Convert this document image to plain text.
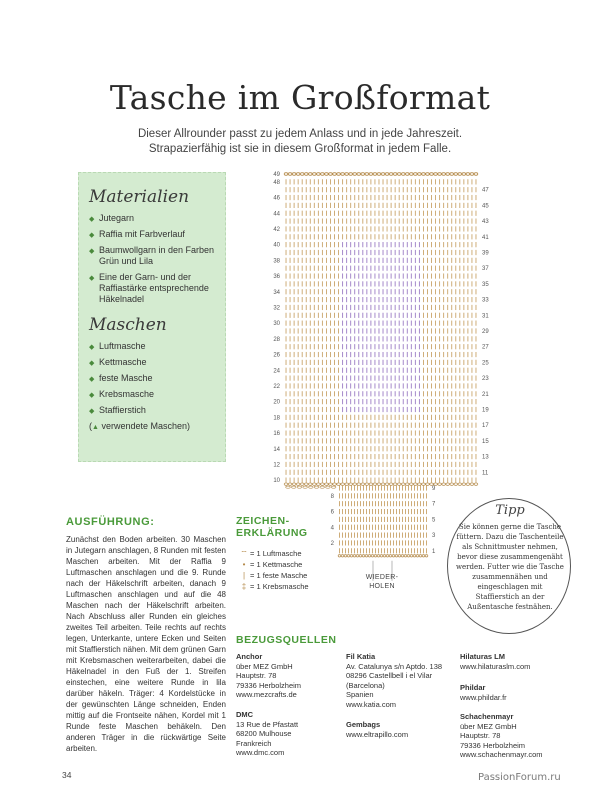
Tasche im Großformat
Dieser Allrounder passt zu jedem Anlass und in jede Jahreszeit.
Strapazierfähig ist sie in diesem Großformat in jedem Falle.
Materialien
◆ Jutegarn
◆ Raffia mit Farbverlauf
◆ Baumwollgarn in den Farben Grün und Lila
◆ Eine der Garn- und der Raffiastärke entsprechende Häkelnadel
Maschen
◆ Luftmasche
◆ Kettmasche
◆ feste Masche
◆ Krebsmasche
◆ Staffierstich
(▲ verwendete Maschen)
49
48
46
44
42
40
38
36
34
32
30
28
26
24
22
20
18
16
14
12
10
8
6
4
2
47
45
43
41
39
37
35
33
31
29
27
25
23
21
19
17
15
13
11
9
7
5
3
1
WIEDER-
HOLEN
AUSFÜHRUNG:
Zunächst den Boden arbeiten. 30 Maschen in Jutegarn anschlagen, 8 Runden mit festen Maschen arbeiten. Mit der Raffia 9 Luftmaschen anschlagen und die 9. Runde nach der Häkelschrift arbeiten, danach 9 Luftmaschen anschlagen und auf die 48 Maschen nach der Häkelschrift arbeiten. Nach Abschluss aller Runden ein gleiches zweites Teil arbeiten. Teile rechts auf rechts legen, Unterkante, untere Ecken und Seiten mit Staffierstich nähen. Mit dem grünen Garn mit Krebsmaschen weiterarbeiten, dabei die Häkelnadel in den Fuß der 1. Streifen einstechen, eine weitere Runde in lila darüber häkeln. Träger: 4 Kordelstücke in der gewünschten Länge schneiden, Enden mittig auf die Frontseite nähen, Kordel mit 1 Runde feste Maschen behäkeln. Den anderen Träger in die rückwärtige Seite arbeiten.
ZEICHEN-
ERKLÄRUNG
⌔ = 1 Luftmasche
• = 1 Kettmasche
| = 1 feste Masche
‡ = 1 Krebsmasche
Tipp
Sie können gerne die Tasche füttern. Dazu die Taschenteile als Schnittmuster nehmen, bevor diese zusammengenäht werden. Futter wie die Tasche zusammennähen und eingeschlagen mit Staffierstich an der Außentasche festnähen.
BEZUGSQUELLEN
Anchor
über MEZ GmbH
Hauptstr. 78
79336 Herbolzheim
www.mezcrafts.de
DMC
13 Rue de Pfastatt
68200 Mulhouse
Frankreich
www.dmc.com
Fil Katia
Av. Catalunya s/n Aptdo. 138
08296 Castellbell i el Vilar
(Barcelona)
Spanien
www.katia.com
Gembags
www.eltrapillo.com
Hilaturas LM
www.hilaturaslm.com
Phildar
www.phildar.fr
Schachenmayr
über MEZ GmbH
Hauptstr. 78
79336 Herbolzheim
www.schachenmayr.com
34	PassionForum.ru
